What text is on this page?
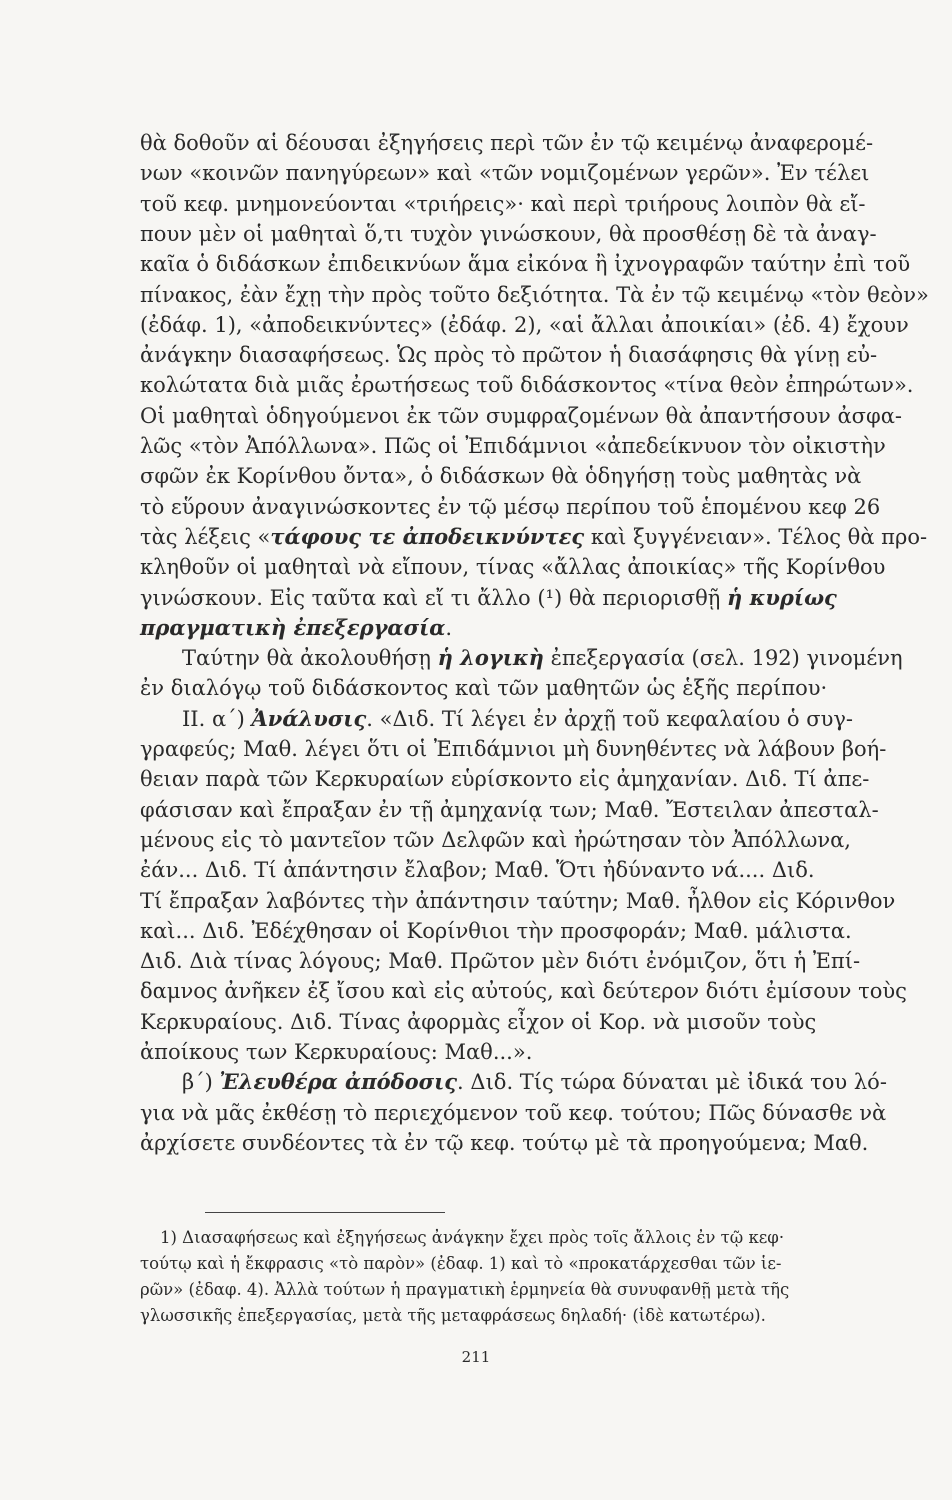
θὰ δοθοῦν αἱ δέουσαι ἐξηγήσεις περὶ τῶν ἐν τῷ κειμένῳ ἀναφερομέ-
νων «κοινῶν πανηγύρεων» καὶ «τῶν νομιζομένων γερῶν». Ἐν τέλει
τοῦ κεφ. μνημονεύονται «τριήρεις»· καὶ περὶ τριήρους λοιπὸν θὰ εἴ-
πουν μὲν οἱ μαθηταὶ ὅ,τι τυχὸν γινώσκουν, θὰ προσθέσῃ δὲ τὰ ἀναγ-
καῖα ὁ διδάσκων ἐπιδεικνύων ἅμα εἰκόνα ἢ ἰχνογραφῶν ταύτην ἐπὶ τοῦ
πίνακος, ἐὰν ἔχῃ τὴν πρὸς τοῦτο δεξιότητα. Τὰ ἐν τῷ κειμένῳ «τὸν θεὸν»
(ἐδάφ. 1), «ἀποδεικνύντες» (ἐδάφ. 2), «αἱ ἄλλαι ἀποικίαι» (ἐδ. 4) ἔχουν
ἀνάγκην διασαφήσεως. Ὡς πρὸς τὸ πρῶτον ἡ διασάφησις θὰ γίνῃ εὐ-
κολώτατα διὰ μιᾶς ἐρωτήσεως τοῦ διδάσκοντος «τίνα θεὸν ἐπηρώτων».
Οἱ μαθηταὶ ὁδηγούμενοι ἐκ τῶν συμφραζομένων θὰ ἀπαντήσουν ἀσφα-
λῶς «τὸν Ἀπόλλωνα». Πῶς οἱ Ἐπιδάμνιοι «ἀπεδείκνυον τὸν οἰκιστὴν
σφῶν ἐκ Κορίνθου ὄντα», ὁ διδάσκων θὰ ὁδηγήσῃ τοὺς μαθητὰς νὰ
τὸ εὕρουν ἀναγινώσκοντες ἐν τῷ μέσῳ περίπου τοῦ ἑπομένου κεφ 26
τὰς λέξεις «τάφους τε ἀποδεικνύντες καὶ ξυγγένειαν». Τέλος θὰ προ-
κληθοῦν οἱ μαθηταὶ νὰ εἴπουν, τίνας «ἄλλας ἀποικίας» τῆς Κορίνθου
γινώσκουν. Εἰς ταῦτα καὶ εἴ τι ἄλλο (¹) θὰ περιορισθῇ ἡ κυρίως
πραγματικὴ ἐπεξεργασία.
  Ταύτην θὰ ἀκολουθήσῃ ἡ λογικὴ ἐπεξεργασία (σελ. 192) γινομένη
ἐν διαλόγῳ τοῦ διδάσκοντος καὶ τῶν μαθητῶν ὡς ἑξῆς περίπου·
  ΙΙ. α΄) Ἀνάλυσις. «Διδ. Τί λέγει ἐν ἀρχῇ τοῦ κεφαλαίου ὁ συγ-
γραφεύς; Μαθ. λέγει ὅτι οἱ Ἐπιδάμνιοι μὴ δυνηθέντες νὰ λάβουν βοή-
θειαν παρὰ τῶν Κερκυραίων εὑρίσκοντο εἰς ἀμηχανίαν. Διδ. Τί ἀπε-
φάσισαν καὶ ἔπραξαν ἐν τῇ ἀμηχανίᾳ των; Μαθ. Ἔστειλαν ἀπεσταλ-
μένους εἰς τὸ μαντεῖον τῶν Δελφῶν καὶ ἠρώτησαν τὸν Ἀπόλλωνα,
ἐάν... Διδ. Τί ἀπάντησιν ἔλαβον; Μαθ. Ὅτι ἠδύναντο νά.... Διδ.
Τί ἔπραξαν λαβόντες τὴν ἀπάντησιν ταύτην; Μαθ. ἦλθον εἰς Κόρινθον
καὶ... Διδ. Ἐδέχθησαν οἱ Κορίνθιοι τὴν προσφοράν; Μαθ. μάλιστα.
Διδ. Διὰ τίνας λόγους; Μαθ. Πρῶτον μὲν διότι ἐνόμιζον, ὅτι ἡ Ἐπί-
δαμνος ἀνῆκεν ἐξ ἴσου καὶ εἰς αὐτούς, καὶ δεύτερον διότι ἐμίσουν τοὺς
Κερκυραίους. Διδ. Τίνας ἀφορμὰς εἶχον οἱ Κορ. νὰ μισοῦν τοὺς
ἀποίκους των Κερκυραίους: Μαθ...».
  β΄) Ἐλευθέρα ἀπόδοσις. Διδ. Τίς τώρα δύναται μὲ ἰδικά του λό-
για νὰ μᾶς ἐκθέσῃ τὸ περιεχόμενον τοῦ κεφ. τούτου; Πῶς δύνασθε νὰ
ἀρχίσετε συνδέοντες τὰ ἐν τῷ κεφ. τούτῳ μὲ τὰ προηγούμενα; Μαθ.
1) Διασαφήσεως καὶ ἐξηγήσεως ἀνάγκην ἔχει πρὸς τοῖς ἄλλοις ἐν τῷ κεφ·
τούτῳ καὶ ἡ ἔκφρασις «τὸ παρὸν» (ἐδαφ. 1) καὶ τὸ «προκατάρχεσθαι τῶν ἱε-
ρῶν» (ἐδαφ. 4). Ἀλλὰ τούτων ἡ πραγματικὴ ἑρμηνεία θὰ συνυφανθῇ μετὰ τῆς
γλωσσικῆς ἐπεξεργασίας, μετὰ τῆς μεταφράσεως δηλαδή· (ἰδὲ κατωτέρω).
211
